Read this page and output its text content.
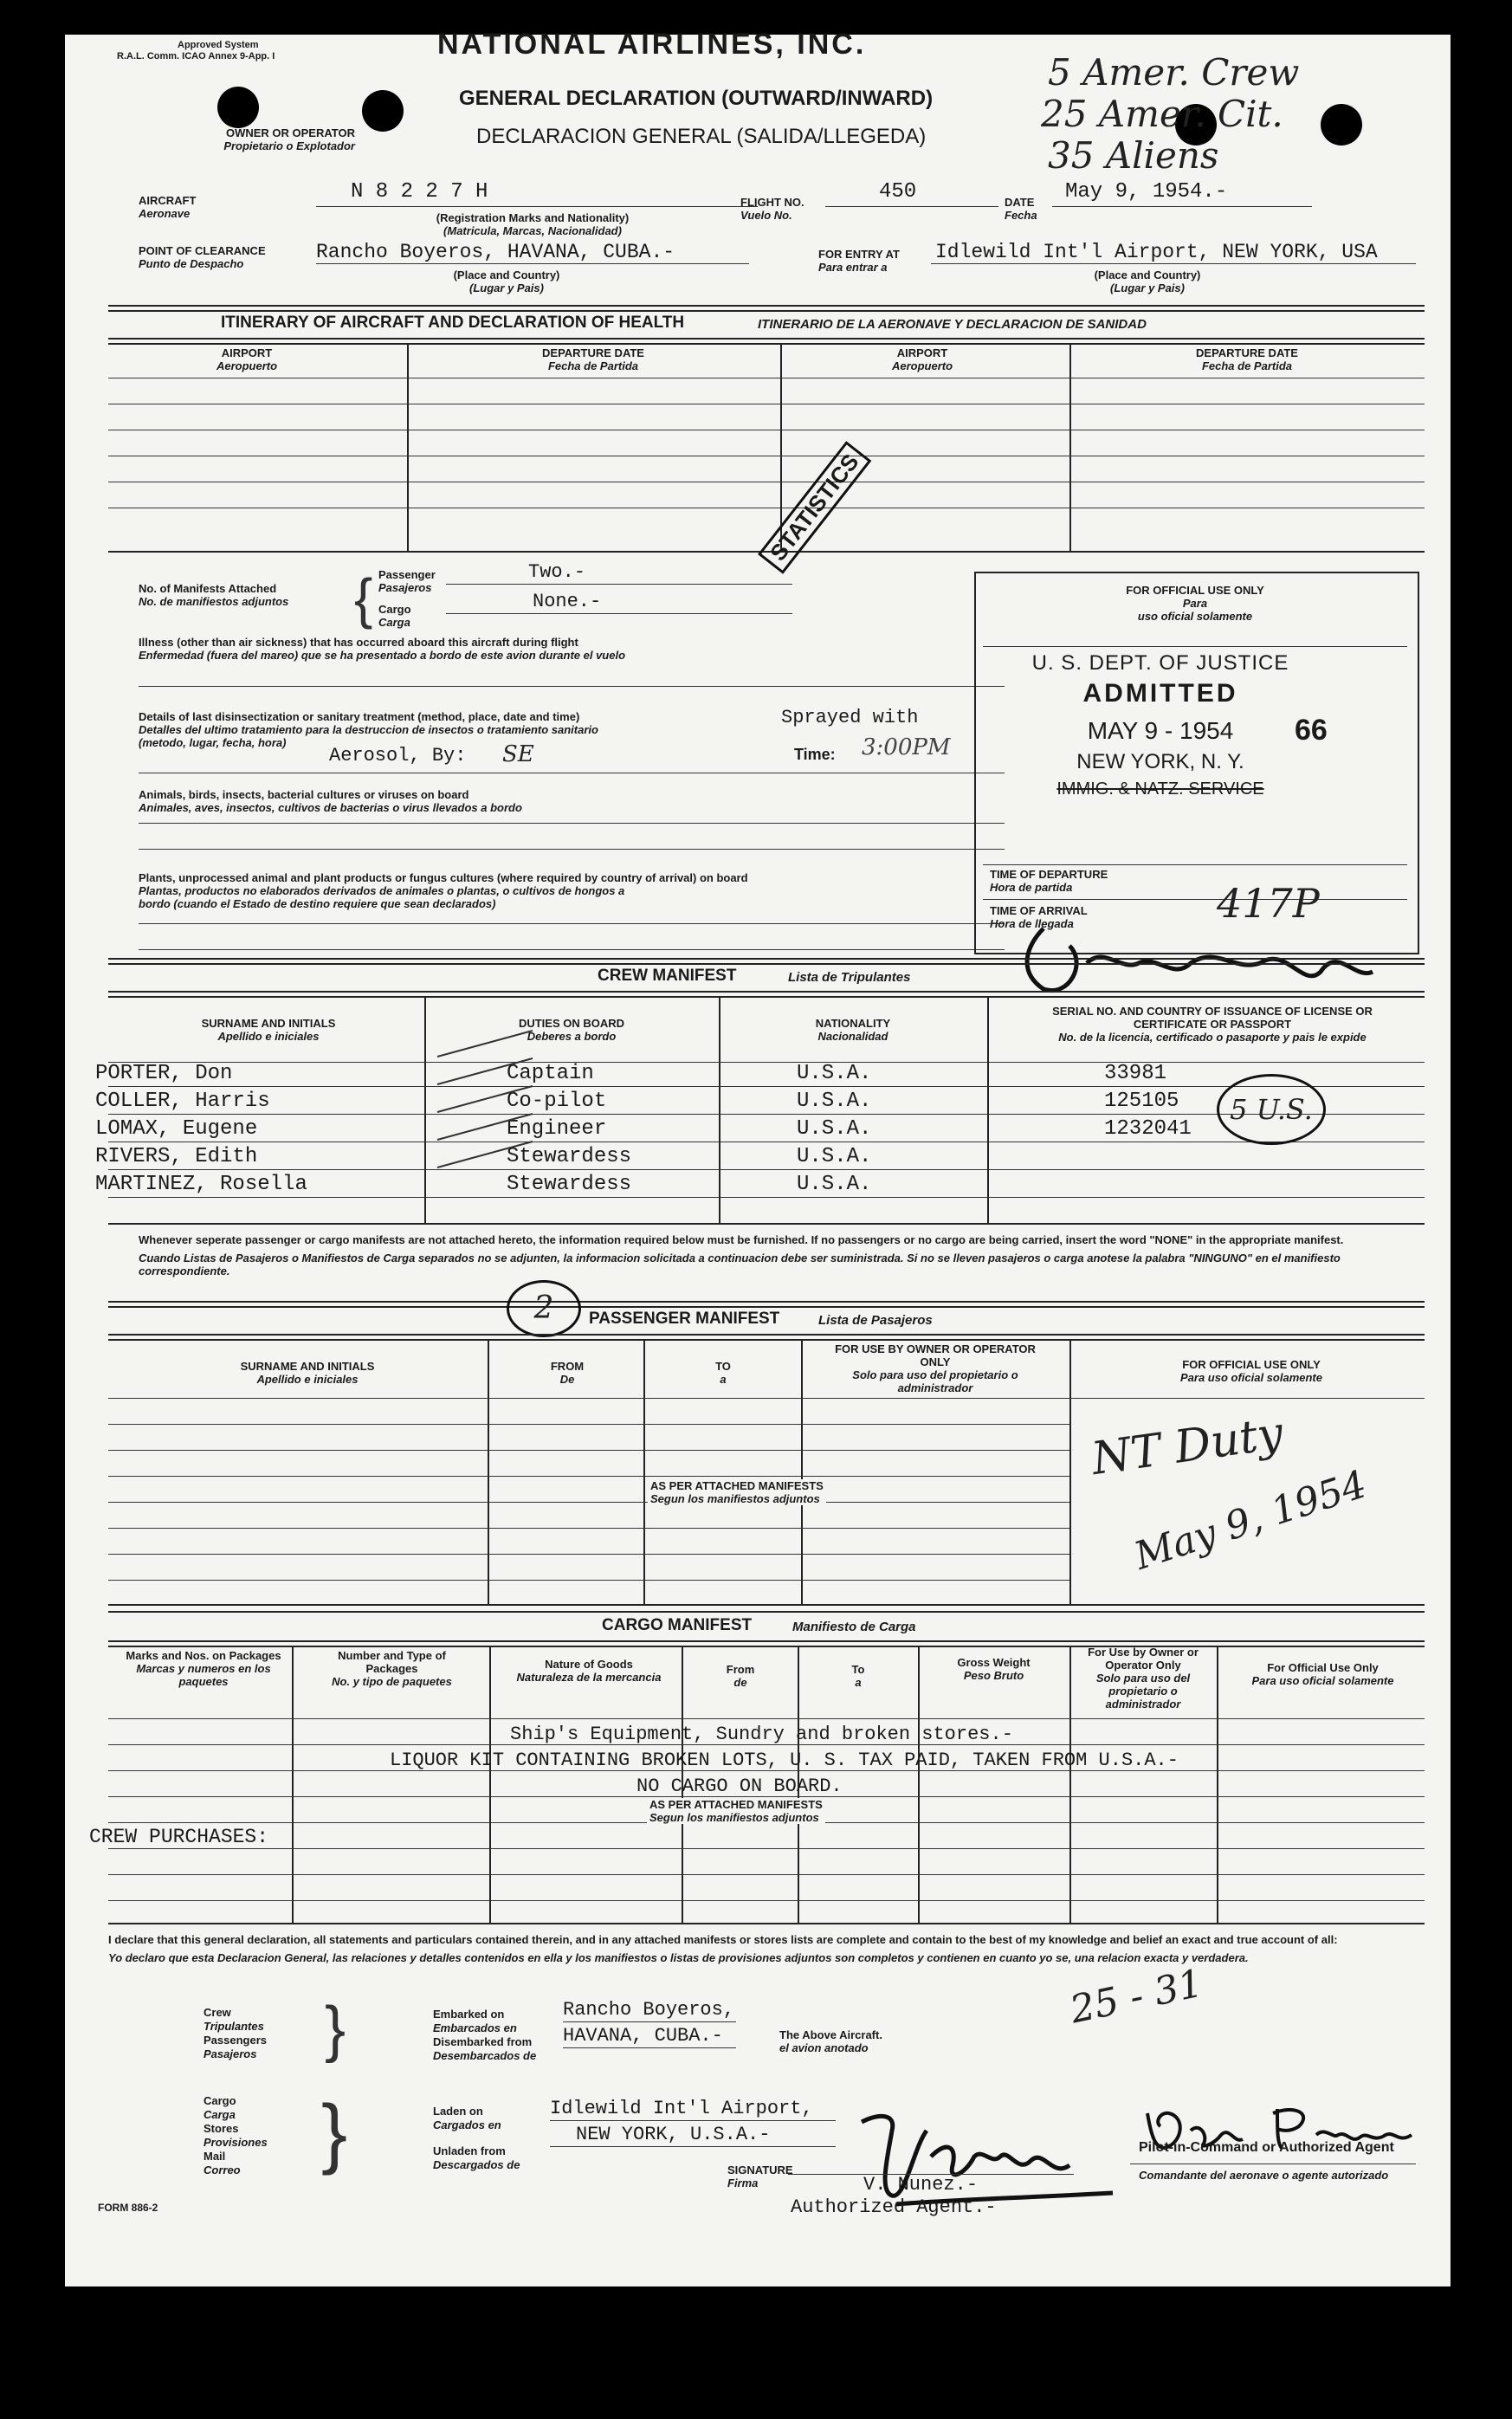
Approved System
R.A.L. Comm. ICAO Annex 9-App. I	NATIONAL AIRLINES, INC.
OWNER OR OPERATOR
Propietario o Explotador
GENERAL DECLARATION (OUTWARD/INWARD)
DECLARACION GENERAL (SALIDA/LLEGEDA)
5 Amer. Crew
25 Amer. Cit.
35 Aliens
AIRCRAFT
Aeronave
N 8 2 2 7 H
(Registration Marks and Nationality)
(Matricula, Marcas, Nacionalidad)
FLIGHT NO.
Vuelo No.
450	DATE
Fecha
May 9, 1954.-
POINT OF CLEARANCE
Punto de Despacho
Rancho Boyeros, HAVANA, CUBA.-
(Place and Country)
(Lugar y Pais)
FOR ENTRY AT
Para entrar a
Idlewild Int'l Airport, NEW YORK, USA
(Place and Country)
(Lugar y Pais)
ITINERARY OF AIRCRAFT AND DECLARATION OF HEALTH	ITINERARIO DE LA AERONAVE Y DECLARACION DE SANIDAD
AIRPORT
Aeropuerto
DEPARTURE DATE
Fecha de Partida
AIRPORT
Aeropuerto
DEPARTURE DATE
Fecha de Partida
STATISTICS
No. of Manifests Attached
No. de manifiestos adjuntos { Passenger
Pasajeros
Two.-
Cargo
Carga
None.-
Illness (other than air sickness) that has occurred aboard this aircraft during flight
Enfermedad (fuera del mareo) que se ha presentado a bordo de este avion durante el vuelo
Details of last disinsectization or sanitary treatment (method, place, date and time)
Detalles del ultimo tratamiento para la destruccion de insectos o tratamiento sanitario
(metodo, lugar, fecha, hora)
Sprayed with
Aerosol, By: SE	Time: 3:00PM
Animals, birds, insects, bacterial cultures or viruses on board
Animales, aves, insectos, cultivos de bacterias o virus llevados a bordo
Plants, unprocessed animal and plant products or fungus cultures (where required by country of arrival) on board
Plantas, productos no elaborados derivados de animales o plantas, o cultivos de hongos a
bordo (cuando el Estado de destino requiere que sean declarados)
FOR OFFICIAL USE ONLY
Para
uso oficial solamente
U. S. DEPT. OF JUSTICE
ADMITTED
MAY 9 - 1954
NEW YORK, N. Y.
IMMIG. & NATZ. SERVICE
66
TIME OF DEPARTURE
Hora de partida
TIME OF ARRIVAL
Hora de llegada	417P
CREW MANIFEST	Lista de Tripulantes
SURNAME AND INITIALS
Apellido e iniciales
DUTIES ON BOARD
Deberes a bordo
NATIONALITY
Nacionalidad
SERIAL NO. AND COUNTRY OF ISSUANCE OF LICENSE OR CERTIFICATE OR PASSPORT
No. de la licencia, certificado o pasaporte y pais le expide
PORTER, Don	Captain	U.S.A.	33981
COLLER, Harris	Co-pilot	U.S.A.	125105
LOMAX, Eugene	Engineer	U.S.A.	1232041
RIVERS, Edith	Stewardess	U.S.A.
MARTINEZ, Rosella	Stewardess	U.S.A.
5 U.S.
Whenever seperate passenger or cargo manifests are not attached hereto, the information required below must be furnished. If no passengers or no cargo are being carried, insert the word "NONE" in the appropriate manifest.
Cuando Listas de Pasajeros o Manifiestos de Carga separados no se adjunten, la informacion solicitada a continuacion debe ser suministrada. Si no se lleven pasajeros o carga anotese la palabra "NINGUNO" en el manifiesto correspondiente.
2	PASSENGER MANIFEST	Lista de Pasajeros
SURNAME AND INITIALS
Apellido e iniciales
FROM
De
TO
a
FOR USE BY OWNER OR OPERATOR ONLY
Solo para uso del propietario o administrador
FOR OFFICIAL USE ONLY
Para uso oficial solamente
AS PER ATTACHED MANIFESTS
Segun los manifiestos adjuntos
NT Duty
May 9, 1954
CARGO MANIFEST	Manifiesto de Carga
Marks and Nos. on Packages
Marcas y numeros en los paquetes
Number and Type of Packages
No. y tipo de paquetes
Nature of Goods
Naturaleza de la mercancia
From
de
To
a
Gross Weight
Peso Bruto
For Use by Owner or Operator Only
Solo para uso del propietario o administrador
For Official Use Only
Para uso oficial solamente
Ship's Equipment, Sundry and broken stores.-
LIQUOR KIT CONTAINING BROKEN LOTS, U. S. TAX PAID, TAKEN FROM U.S.A.-
NO CARGO ON BOARD.
AS PER ATTACHED MANIFESTS
Segun los manifiestos adjuntos
CREW PURCHASES:
I declare that this general declaration, all statements and particulars contained therein, and in any attached manifests or stores lists are complete and contain to the best of my knowledge and belief an exact and true account of all:
Yo declaro que esta Declaracion General, las relaciones y detalles contenidos en ella y los manifiestos o listas de provisiones adjuntos son completos y contienen en cuanto yo se, una relacion exacta y verdadera.
Crew
Tripulantes
Passengers
Pasajeros }	Embarked on
Embarcados en
Disembarked from
Desembarcados de
Rancho Boyeros,
HAVANA, CUBA.-
Cargo
Carga
Stores
Provisiones
Mail
Correo	}	Laden on
Cargados en
Unladen from
Descargados de
Idlewild Int'l Airport,
NEW YORK, U.S.A.-
The Above Aircraft.
el avion anotado
25 - 31
Pilot-in-Command or Authorized Agent
Comandante del aeronave o agente autorizado
SIGNATURE
Firma	V. Nunez.-
Authorized Agent.-
FORM 886-2
